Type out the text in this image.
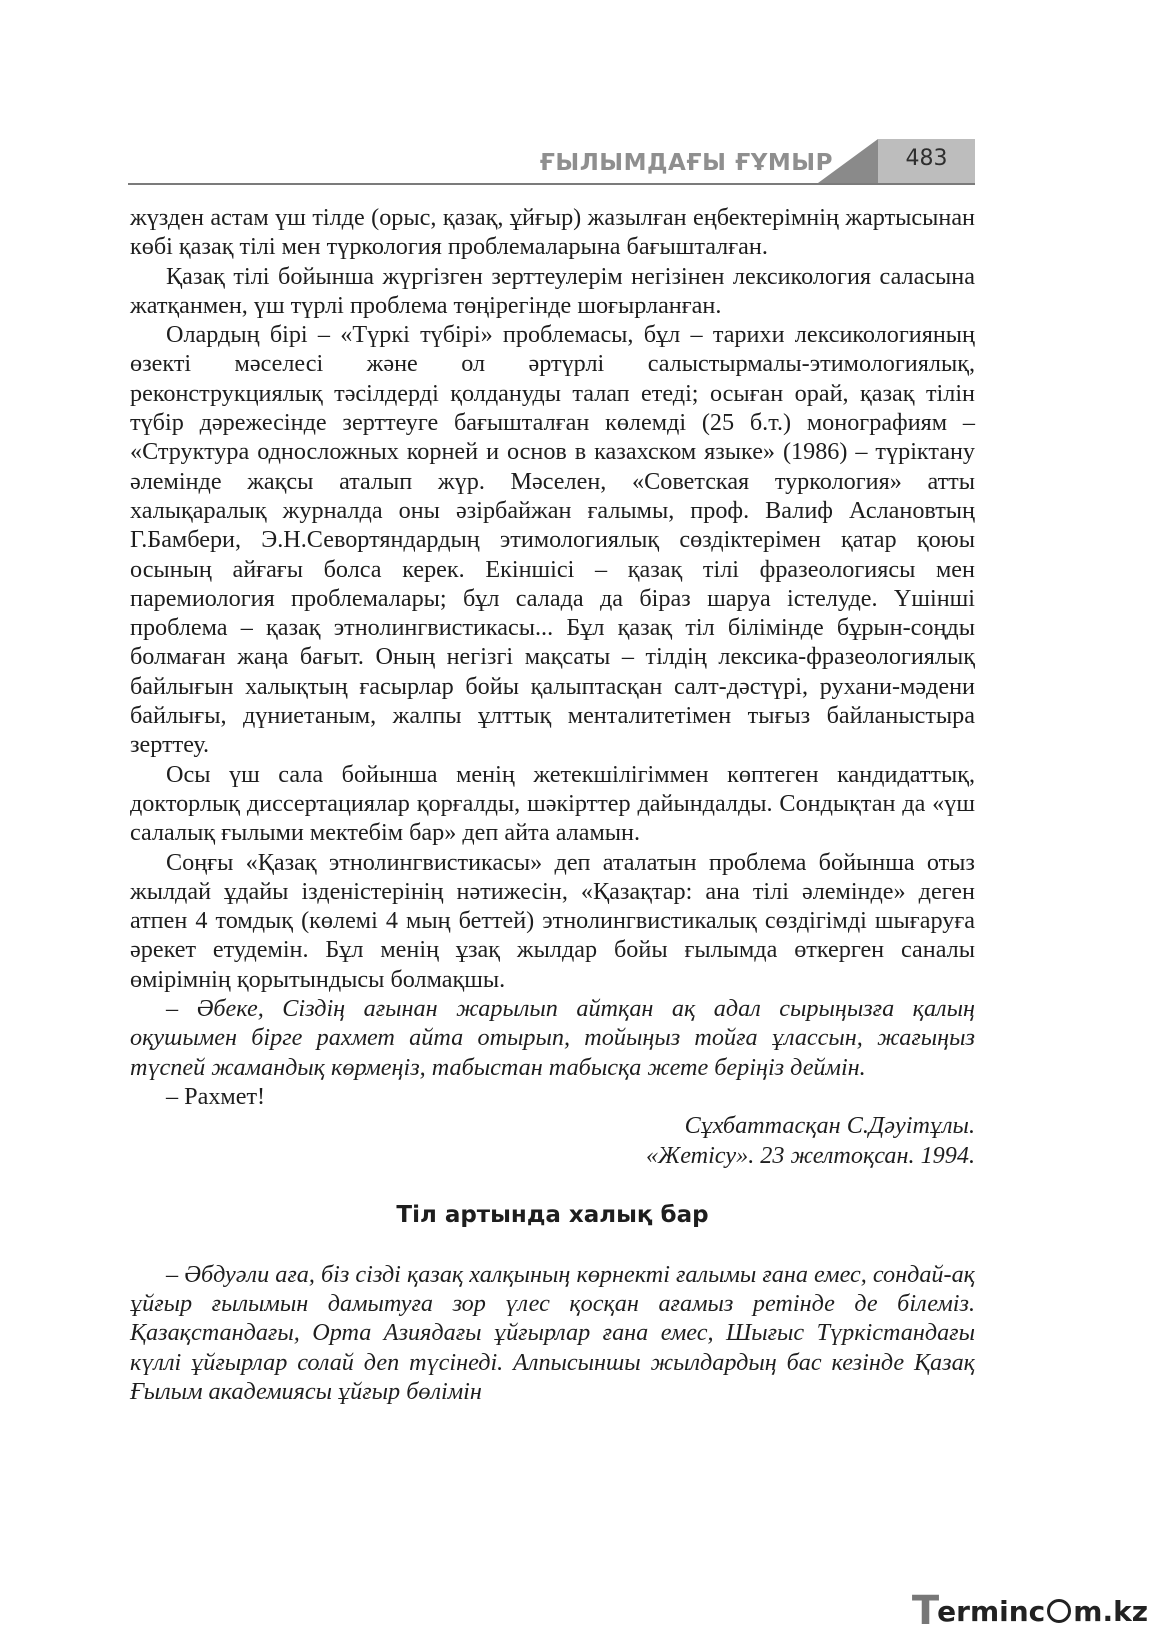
ҒЫЛЫМДАҒЫ ҒҰМЫР	483

жүзден астам үш тілде (орыс, қазақ, ұйғыр) жазылған еңбектерімнің жартысынан көбі қазақ тілі мен түркология проблемаларына бағышталған.

Қазақ тілі бойынша жүргізген зерттеулерім негізінен лексикология саласына жатқанмен, үш түрлі проблема төңірегінде шоғырланған.

Олардың бірі – «Түркі түбірі» проблемасы, бұл – тарихи лексикологияның өзекті мәселесі және ол әртүрлі салыстырмалы-этимологиялық, реконструкциялық тәсілдерді қолдануды талап етеді; осыған орай, қазақ тілін түбір дәрежесінде зерттеуге бағышталған көлемді (25 б.т.) монографиям – «Структура односложных корней и основ в казахском языке» (1986) – түріктану әлемінде жақсы аталып жүр. Мәселен, «Советская туркология» атты халықаралық журналда оны әзірбайжан ғалымы, проф. Валиф Аслановтың Г.Бамбери, Э.Н.Севортяндардың этимологиялық сөздіктерімен қатар қоюы осының айғағы болса керек. Екіншісі – қазақ тілі фразеологиясы мен паремиология проблемалары; бұл салада да біраз шаруа істелуде. Үшінші проблема – қазақ этнолингвистикасы... Бұл қазақ тіл білімінде бұрын-соңды болмаған жаңа бағыт. Оның негізгі мақсаты – тілдің лексика-фразеологиялық байлығын халықтың ғасырлар бойы қалыптасқан салт-дәстүрі, рухани-мәдени байлығы, дүниетаным, жалпы ұлттық менталитетімен тығыз байланыстыра зерттеу.

Осы үш сала бойынша менің жетекшілігіммен көптеген кандидаттық, докторлық диссертациялар қорғалды, шәкірттер дайындалды. Сондықтан да «үш салалық ғылыми мектебім бар» деп айта аламын.

Соңғы «Қазақ этнолингвистикасы» деп аталатын проблема бойынша отыз жылдай ұдайы ізденістерінің нәтижесін, «Қазақтар: ана тілі әлемінде» деген атпен 4 томдық (көлемі 4 мың беттей) этнолингвистикалық сөздігімді шығаруға әрекет етудемін. Бұл менің ұзақ жылдар бойы ғылымда өткерген саналы өмірімнің қорытындысы болмақшы.

– Әбеке, Сіздің ағынан жарылып айтқан ақ адал сырыңызға қалың оқушымен бірге рахмет айта отырып, тойыңыз тойға ұлассын, жағыңыз түспей жамандық көрмеңіз, табыстан табысқа жете беріңіз деймін.

– Рахмет!

Сұхбаттасқан С.Дәуітұлы.

«Жетісу». 23 желтоқсан. 1994.

Тіл артында халық бар

– Әбдуәли аға, біз сізді қазақ халқының көрнекті ғалымы ғана емес, сондай-ақ ұйғыр ғылымын дамытуға зор үлес қосқан ағамыз ретінде де білеміз. Қазақстандағы, Орта Азиядағы ұйғырлар ғана емес, Шығыс Түркістандағы күллі ұйғырлар солай деп түсінеді. Алпысыншы жылдардың бас кезінде Қазақ Ғылым академиясы ұйғыр бөлімін

T
erminc m.kz
